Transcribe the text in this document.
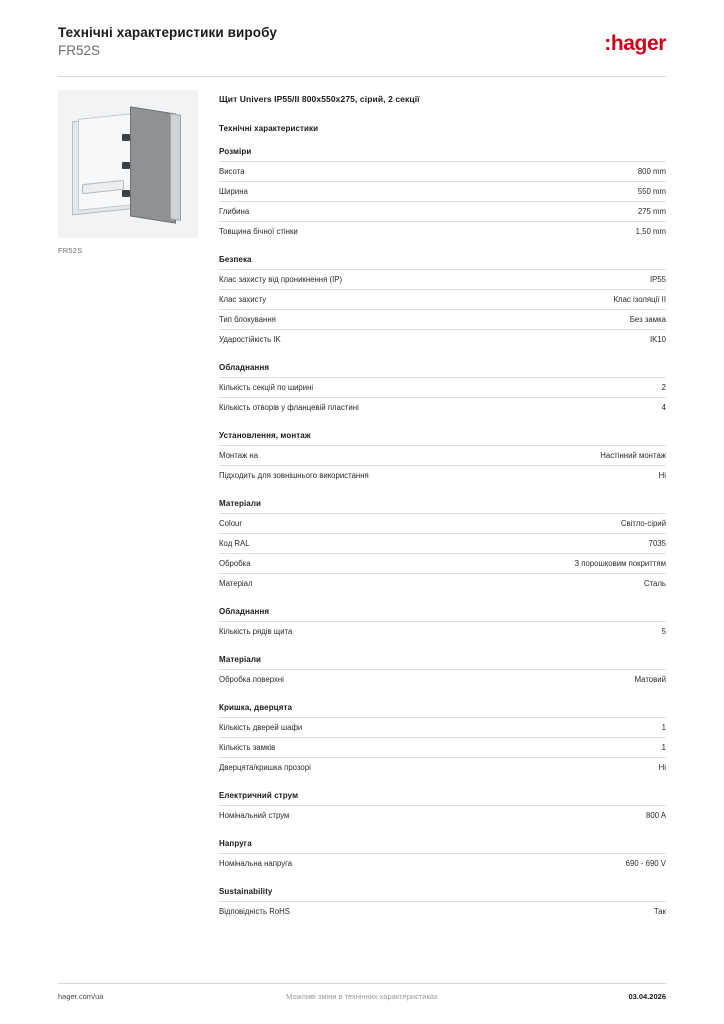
Технічні характеристики виробу
FR52S	:hager
FR52S
Щит Univers IP55/II 800x550x275, сірий, 2 секції
Технічні характеристики
Розміри
Висота	800 mm
Ширина	550 mm
Глибина	275 mm
Товщина бічної стінки	1,50 mm
Безпека
Клас захисту від проникнення (IP)	IP55
Клас захисту	Клас ізоляції II
Тип блокування	Без замка
Ударостійкість IK	IK10
Обладнання
Кількість секцій по ширині	2
Кількість отворів у фланцевій пластині	4
Установлення, монтаж
Монтаж на	Настінний монтаж
Підходить для зовнішнього використання	Ні
Матеріали
Colour	Світло-сірий
Код RAL	7035
Обробка	З порошковим покриттям
Матеріал	Сталь
Обладнання
Кількість рядів щита	5
Матеріали
Обробка поверхні	Матовий
Кришка, дверцята
Кількість дверей шафи	1
Кількість замків	1
Дверцята/кришка прозорі	Ні
Електричний струм
Номінальний струм	800 A
Напруга
Номінальна напруга	690 - 690 V
Sustainability
Відповідність RoHS	Так
hager.com/ua	Можливі зміни в технічних характеристиках	03.04.2026
